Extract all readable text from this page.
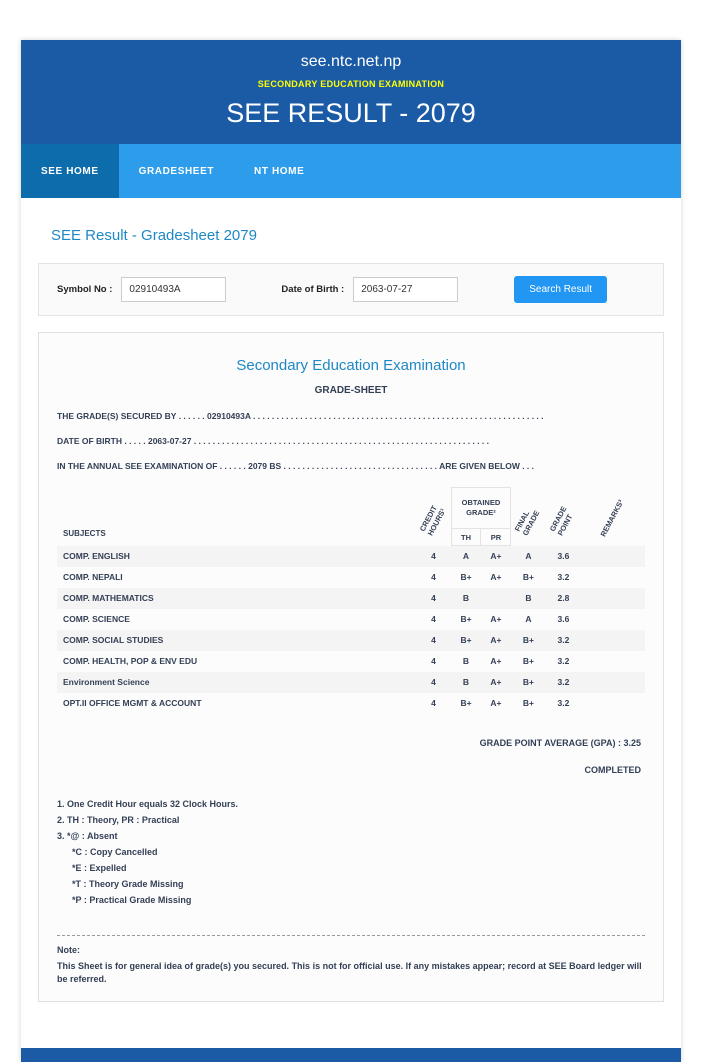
see.ntc.net.np
SECONDARY EDUCATION EXAMINATION
SEE RESULT - 2079
SEE HOME	GRADESHEET	NT HOME
SEE Result - Gradesheet 2079
Symbol No :
02910493A	Date of Birth :
2063-07-27	Search Result
Secondary Education Examination
GRADE-SHEET
THE GRADE(S) SECURED BY . . . . . . 02910493A . . . . . . . . . . . . . . . . . . . . . . . . . . . . . . . . . . . . . . . . . . . . . . . . . . . . . . . . . . . . . .
DATE OF BIRTH . . . . . 2063-07-27 . . . . . . . . . . . . . . . . . . . . . . . . . . . . . . . . . . . . . . . . . . . . . . . . . . . . . . . . . . . . . . .
IN THE ANNUAL SEE EXAMINATION OF . . . . . . 2079 BS . . . . . . . . . . . . . . . . . . . . . . . . . . . . . . . . . ARE GIVEN BELOW . . .
SUBJECTS	CREDIT HOURS¹	OBTAINED GRADE²		FINAL GRADE	GRADE POINT	REMARKS³

		TH	PR			
COMP. ENGLISH	4	A	A+	A	3.6	
COMP. NEPALI	4	B+	A+	B+	3.2	
COMP. MATHEMATICS	4	B		B	2.8	
COMP. SCIENCE	4	B+	A+	A	3.6	
COMP. SOCIAL STUDIES	4	B+	A+	B+	3.2	
COMP. HEALTH, POP & ENV EDU	4	B	A+	B+	3.2	
Environment Science	4	B	A+	B+	3.2	
OPT.II OFFICE MGMT & ACCOUNT	4	B+	A+	B+	3.2	
GRADE POINT AVERAGE (GPA) : 3.25
COMPLETED
1. One Credit Hour equals 32 Clock Hours.
2. TH : Theory, PR : Practical
3. *@ : Absent
*C : Copy Cancelled
*E : Expelled
*T : Theory Grade Missing
*P : Practical Grade Missing
Note:
This Sheet is for general idea of grade(s) you secured. This is not for official use. If any mistakes appear; record at SEE Board ledger will be referred.
